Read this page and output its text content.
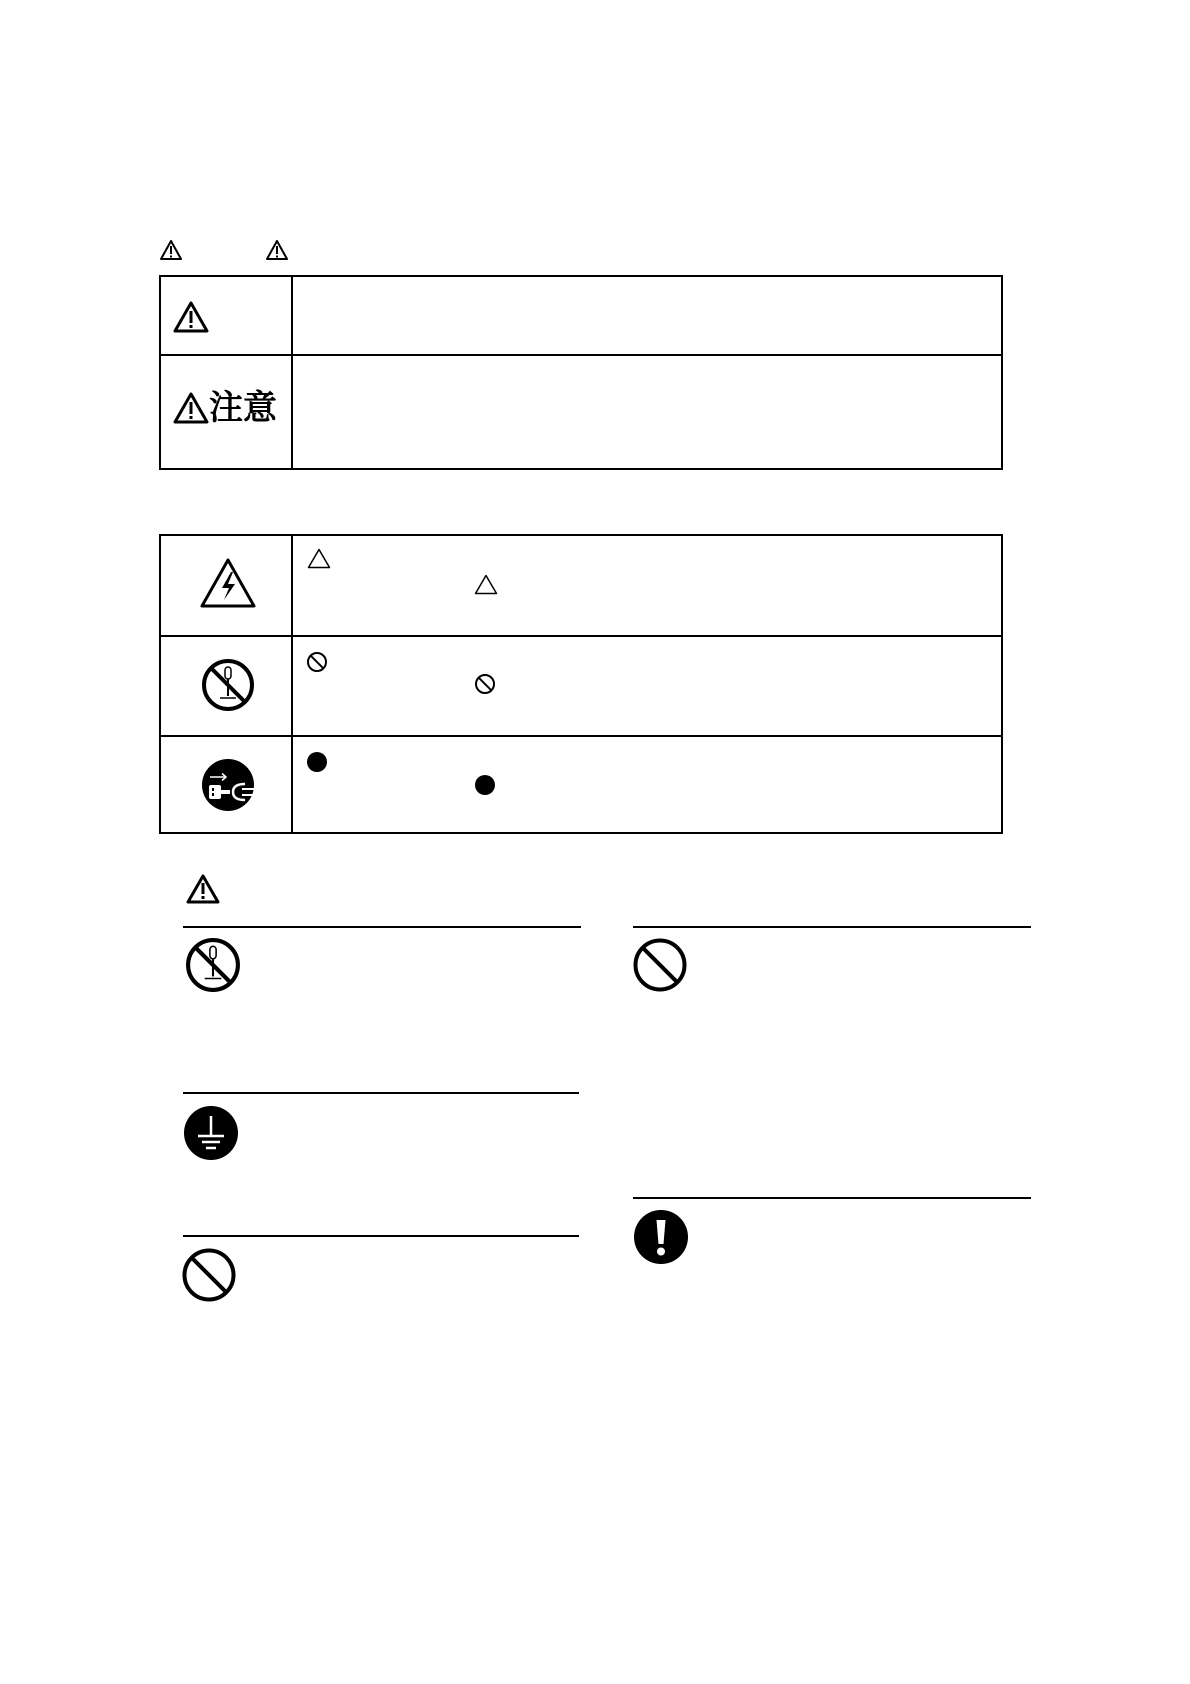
注意
